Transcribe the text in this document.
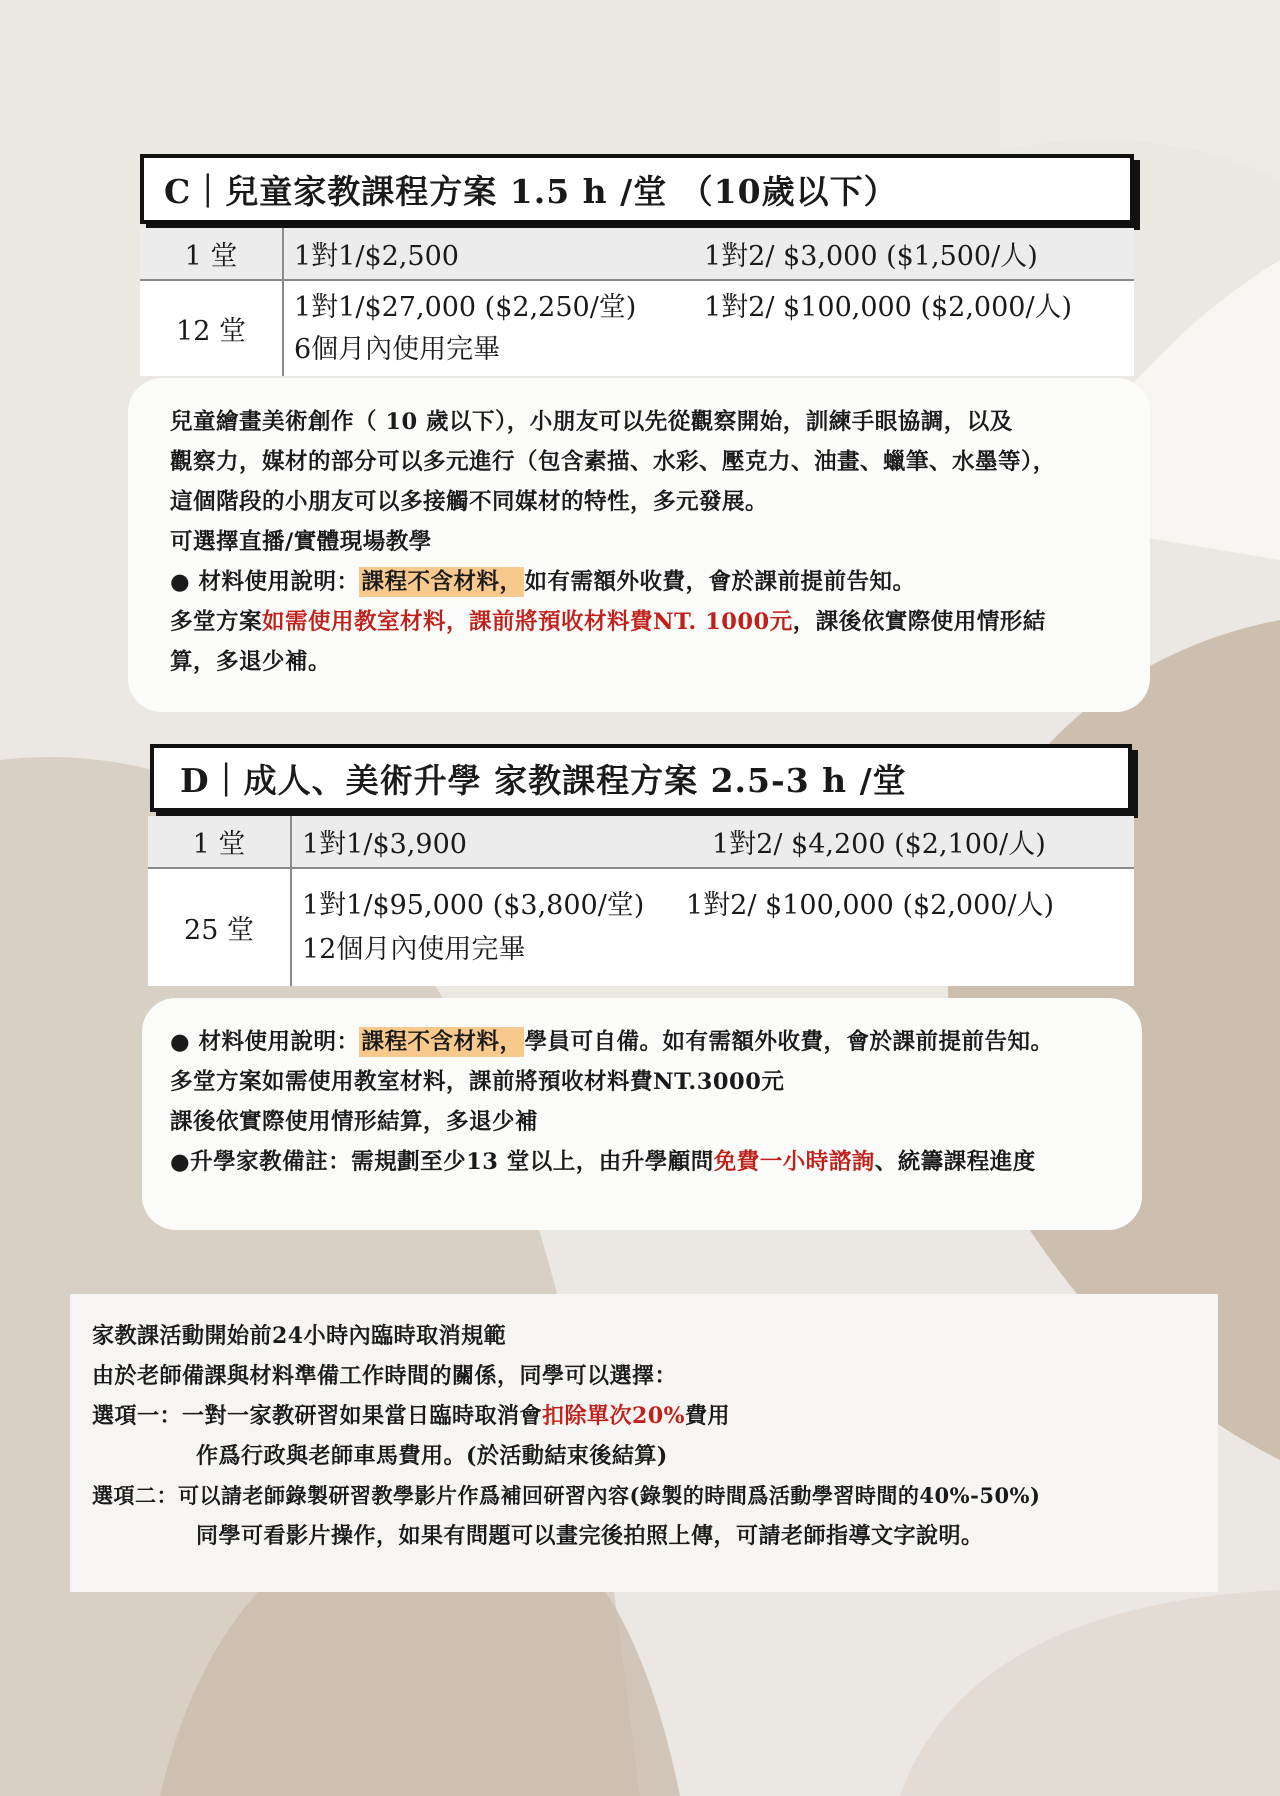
C｜兒童家教課程方案 1.5 h /堂 （10歲以下）
1 堂	1對1/$2,500 1對2/ $3,000 ($1,500/人)

12 堂	1對1/$27,000 ($2,250/堂) 1對2/ $100,000 ($2,000/人)
6個月內使用完畢

兒童繪畫美術創作（ 10 歲以下），小朋友可以先從觀察開始，訓練手眼協調，以及

觀察力，媒材的部分可以多元進行（包含素描、水彩、壓克力、油畫、蠟筆、水墨等），

這個階段的小朋友可以多接觸不同媒材的特性，多元發展。

可選擇直播/實體現場教學

● 材料使用說明：課程不含材料，如有需額外收費，會於課前提前告知。

多堂方案如需使用教室材料，課前將預收材料費NT. 1000元，課後依實際使用情形結

算，多退少補。

D｜成人、美術升學 家教課程方案 2.5-3 h /堂
1 堂	1對1/$3,900 1對2/ $4,200 ($2,100/人)

25 堂	1對1/$95,000 ($3,800/堂) 1對2/ $100,000 ($2,000/人)
12個月內使用完畢

● 材料使用說明：課程不含材料，學員可自備。如有需額外收費，會於課前提前告知。

多堂方案如需使用教室材料，課前將預收材料費NT.3000元

課後依實際使用情形結算，多退少補

●升學家教備註：需規劃至少13 堂以上，由升學顧問免費一小時諮詢、統籌課程進度

家教課活動開始前24小時內臨時取消規範

由於老師備課與材料準備工作時間的關係，同學可以選擇：

選項一：一對一家教研習如果當日臨時取消會扣除單次20%費用

作爲行政與老師車馬費用。(於活動結束後結算)

選項二：可以請老師錄製研習教學影片作爲補回研習內容(錄製的時間爲活動學習時間的40%-50%)

同學可看影片操作，如果有問題可以畫完後拍照上傳，可請老師指導文字說明。
